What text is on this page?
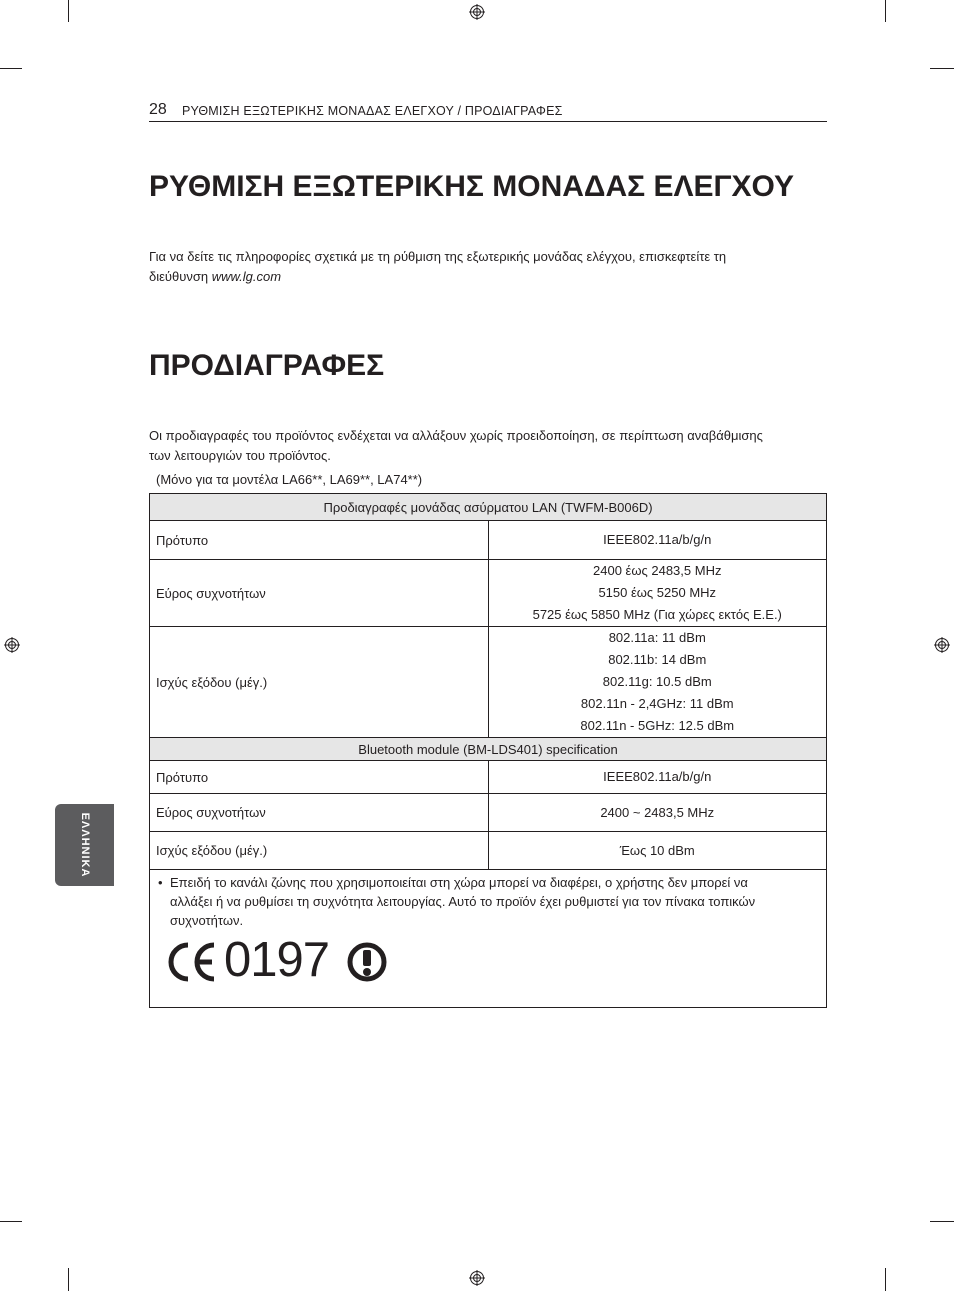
28 ΡΥΘΜΙΣΗ ΕΞΩΤΕΡΙΚΗΣ ΜΟΝΑΔΑΣ ΕΛΕΓΧΟΥ / ΠΡΟΔΙΑΓΡΑΦΕΣ
ΡΥΘΜΙΣΗ ΕΞΩΤΕΡΙΚΗΣ ΜΟΝΑΔΑΣ ΕΛΕΓΧΟΥ

Για να δείτε τις πληροφορίες σχετικά με τη ρύθμιση της εξωτερικής μονάδας ελέγχου, επισκεφτείτε τη
διεύθυνση www.lg.com

ΠΡΟΔΙΑΓΡΑΦΕΣ

Οι προδιαγραφές του προϊόντος ενδέχεται να αλλάξουν χωρίς προειδοποίηση, σε περίπτωση αναβάθμισης
των λειτουργιών του προϊόντος.

(Μόνο για τα μοντέλα LA66**, LA69**, LA74**)

Προδιαγραφές μονάδας ασύρματου LAN (TWFM-B006D)	
Πρότυπο	IEEE802.11a/b/g/n

Εύρος συχνοτήτων	2400 έως 2483,5 MHz
5150 έως 5250 MHz
5725 έως 5850 MHz (Για χώρες εκτός Ε.Ε.)

Ισχύς εξόδου (μέγ.)	802.11a: 11 dBm
802.11b: 14 dBm
802.11g: 10.5 dBm
802.11n - 2,4GHz: 11 dBm
802.11n - 5GHz: 12.5 dBm

Bluetooth module (BM-LDS401) specification	
Πρότυπο	IEEE802.11a/b/g/n

Εύρος συχνοτήτων	2400 ~ 2483,5 MHz

Ισχύς εξόδου (μέγ.)	Έως 10 dBm

• Επειδή το κανάλι ζώνης που χρησιμοποιείται στη χώρα μπορεί να διαφέρει, ο χρήστης δεν μπορεί να
αλλάξει ή να ρυθμίσει τη συχνότητα λειτουργίας. Αυτό το προϊόν έχει ρυθμιστεί για τον πίνακα τοπικών
συχνοτήτων.

0197	
ΕΛΛΗΝΙΚΑ
